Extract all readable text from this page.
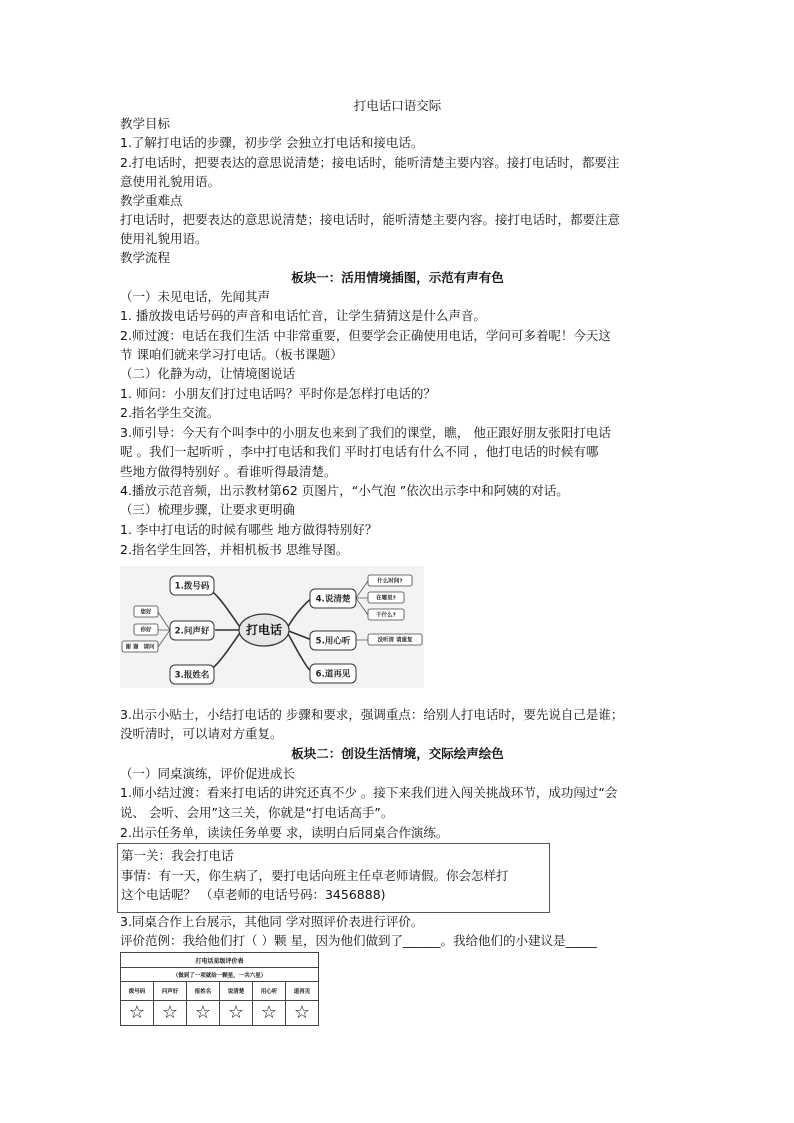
打电话口语交际
教学目标
1.了解打电话的步骤，初步学 会独立打电话和接电话。
2.打电话时，把要表达的意思说清楚；接电话时，能听清楚主要内容。接打电话时，都要注
意使用礼貌用语。
教学重难点
打电话时，把要表达的意思说清楚；接电话时，能听清楚主要内容。接打电话时，都要注意
使用礼貌用语。
教学流程
板块一：活用情境插图，示范有声有色
（一）未见电话，先闻其声
1. 播放拨电话号码的声音和电话忙音，让学生猜猜这是什么声音。
2.师过渡：电话在我们生活 中非常重要，但要学会正确使用电话，学问可多着呢！今天这
节 课咱们就来学习打电话。（板书课题）
（二）化静为动，让情境图说话
1. 师问：小朋友们打过电话吗？平时你是怎样打电话的？
2.指名学生交流。
3.师引导：今天有个叫李中的小朋友也来到了我们的课堂，瞧， 他正跟好朋友张阳打电话
呢 。我们一起听听 ，李中打电话和我们 平时打电话有什么不同 ，他打电话的时候有哪
些地方做得特别好 。看谁听得最清楚。
4.播放示范音频，出示教材第62 页图片，“小气泡 ”依次出示李中和阿姨的对话。
（三）梳理步骤，让要求更明确
1. 李中打电话的时候有哪些 地方做得特别好？
2.指名学生回答，并相机板书 思维导图。
打电话
1.拨号码
2.问声好
3.报姓名
4.说清楚
5.用心听
6.道再见
您好
你好
谢 谢 请问
什么时间?
在哪里?
干什么?
没听清 请重复
3.出示小贴士，小结打电话的 步骤和要求，强调重点：给别人打电话时，要先说自己是谁；
没听清时，可以请对方重复。
板块二：创设生活情境，交际绘声绘色
（一）同桌演练，评价促进成长
1.师小结过渡：看来打电话的讲究还真不少 。接下来我们进入闯关挑战环节，成功闯过“会
说、 会听、会用”这三关，你就是“打电话高手”。
2.出示任务单，读读任务单要 求，读明白后同桌合作演练。
第一关：我会打电话
事情：有一天，你生病了，要打电话向班主任卓老师请假。你会怎样打
这个电话呢？ （卓老师的电话号码：3456888)
3.同桌合作上台展示，其他同 学对照评价表进行评价。
评价范例：我给他们打（ ）颗 星，因为他们做到了______。我给他们的小建议是_____
打电话星级评价表					
（做到了一项就给一颗星，一共六星）					
拨号码	问声好	报姓名	说清楚	用心听	道再见
☆	☆	☆	☆	☆	☆
